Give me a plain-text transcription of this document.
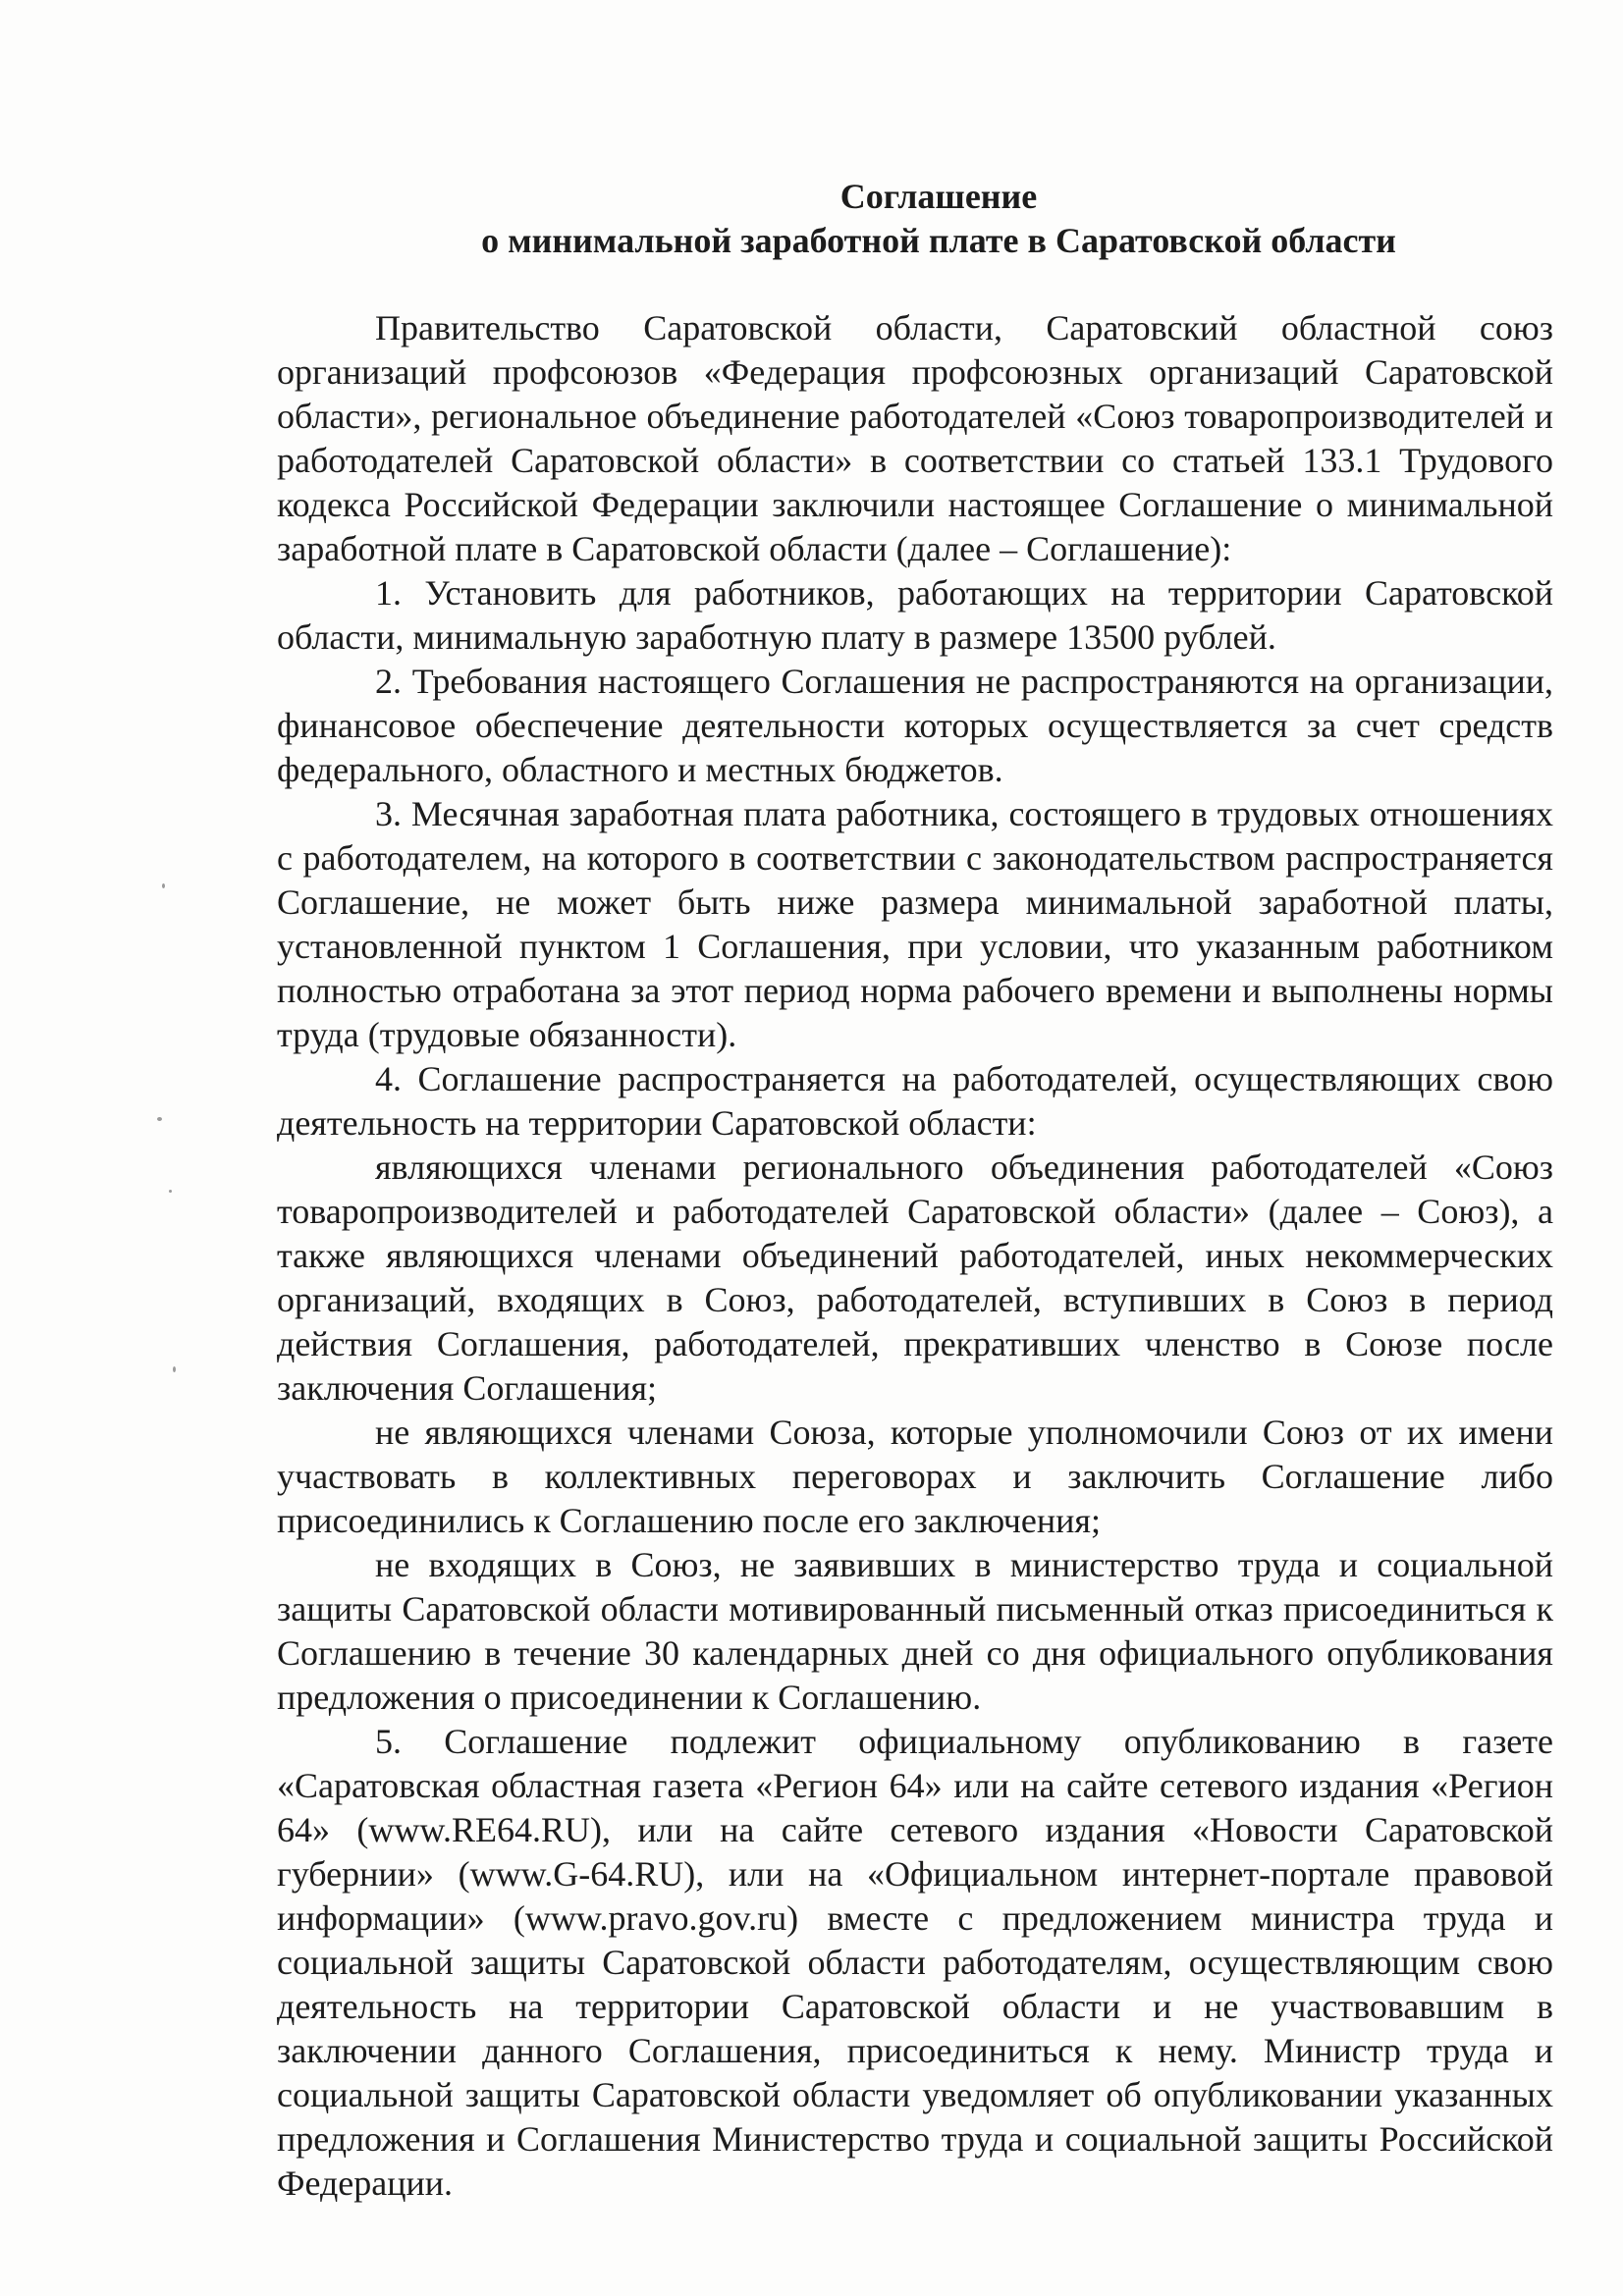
Соглашение

о минимальной заработной плате в Саратовской области

Правительство Саратовской области, Саратовский областной союз организаций профсоюзов «Федерация профсоюзных организаций Саратовской области», региональное объединение работодателей «Союз товаропроизводителей и работодателей Саратовской области» в соответствии со статьей 133.1 Трудового кодекса Российской Федерации заключили настоящее Соглашение о минимальной заработной плате в Саратовской области (далее – Соглашение):

1. Установить для работников, работающих на территории Саратовской области, минимальную заработную плату в размере 13500 рублей.

2. Требования настоящего Соглашения не распространяются на организации, финансовое обеспечение деятельности которых осуществляется за счет средств федерального, областного и местных бюджетов.

3. Месячная заработная плата работника, состоящего в трудовых отношениях с работодателем, на которого в соответствии с законодательством распространяется Соглашение, не может быть ниже размера минимальной заработной платы, установленной пунктом 1 Соглашения, при условии, что указанным работником полностью отработана за этот период норма рабочего времени и выполнены нормы труда (трудовые обязанности).

4. Соглашение распространяется на работодателей, осуществляющих свою деятельность на территории Саратовской области:

являющихся членами регионального объединения работодателей «Союз товаропроизводителей и работодателей Саратовской области» (далее – Союз), а также являющихся членами объединений работодателей, иных некоммерческих организаций, входящих в Союз, работодателей, вступивших в Союз в период действия Соглашения, работодателей, прекративших членство в Союзе после заключения Соглашения;

не являющихся членами Союза, которые уполномочили Союз от их имени участвовать в коллективных переговорах и заключить Соглашение либо присоединились к Соглашению после его заключения;

не входящих в Союз, не заявивших в министерство труда и социальной защиты Саратовской области мотивированный письменный отказ присоединиться к Соглашению в течение 30 календарных дней со дня официального опубликования предложения о присоединении к Соглашению.

5. Соглашение подлежит официальному опубликованию в газете «Саратовская областная газета «Регион 64» или на сайте сетевого издания «Регион 64» (www.RE64.RU), или на сайте сетевого издания «Новости Саратовской губернии» (www.G-64.RU), или на «Официальном интернет-портале правовой информации» (www.pravo.gov.ru) вместе с предложением министра труда и социальной защиты Саратовской области работодателям, осуществляющим свою деятельность на территории Саратовской области и не участвовавшим в заключении данного Соглашения, присоединиться к нему. Министр труда и социальной защиты Саратовской области уведомляет об опубликовании указанных предложения и Соглашения Министерство труда и социальной защиты Российской Федерации.
